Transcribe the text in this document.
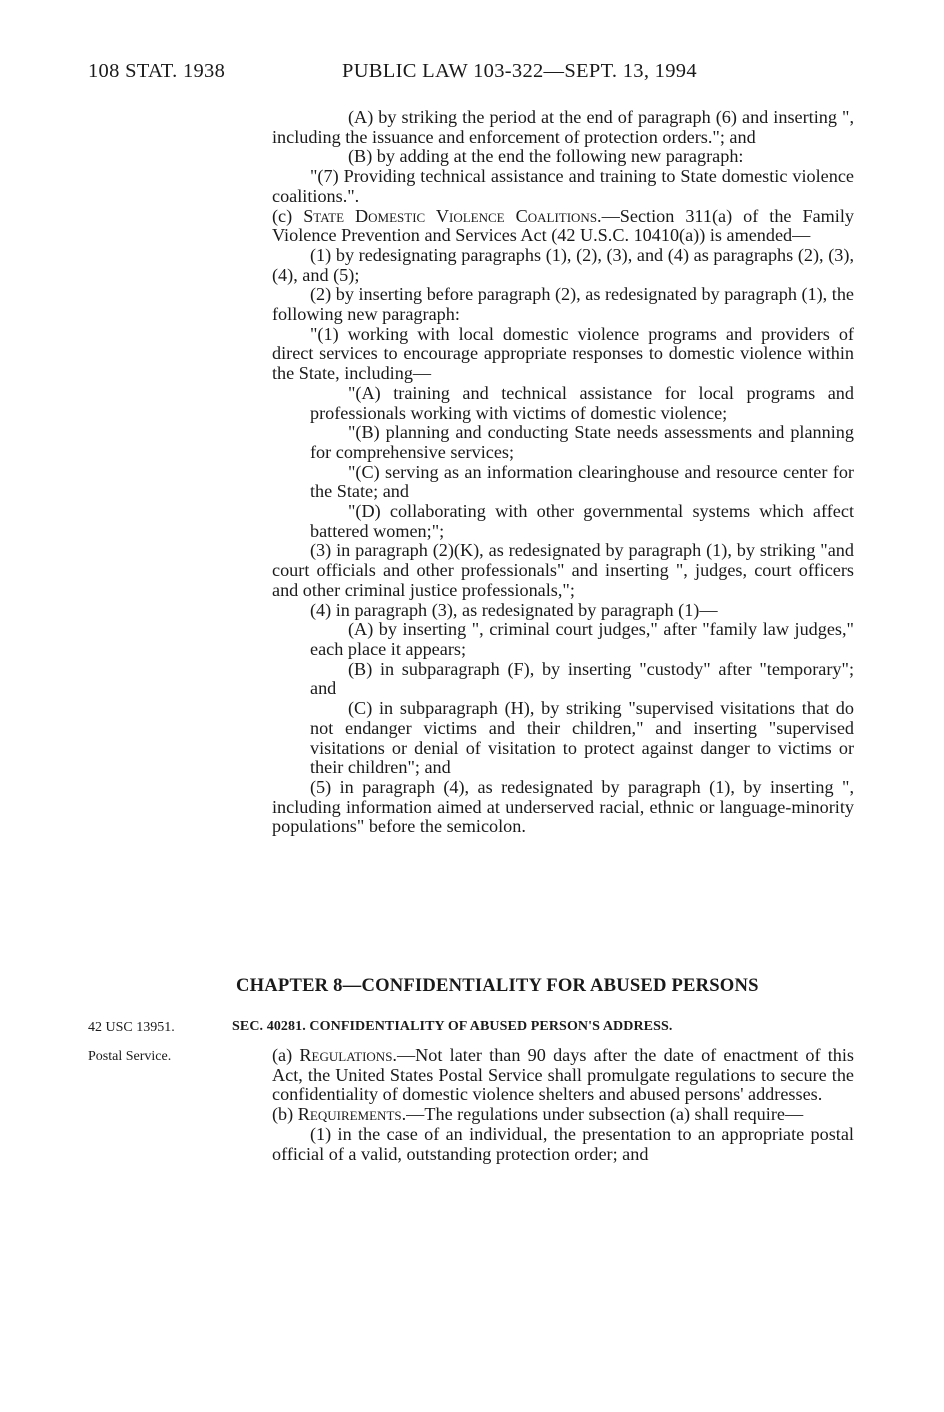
108 STAT. 1938	PUBLIC LAW 103-322—SEPT. 13, 1994

(A) by striking the period at the end of paragraph (6) and inserting ", including the issuance and enforcement of protection orders."; and

(B) by adding at the end the following new paragraph:

"(7) Providing technical assistance and training to State domestic violence coalitions.".

(c) State Domestic Violence Coalitions.—Section 311(a) of the Family Violence Prevention and Services Act (42 U.S.C. 10410(a)) is amended—

(1) by redesignating paragraphs (1), (2), (3), and (4) as paragraphs (2), (3), (4), and (5);

(2) by inserting before paragraph (2), as redesignated by paragraph (1), the following new paragraph:

"(1) working with local domestic violence programs and providers of direct services to encourage appropriate responses to domestic violence within the State, including—

"(A) training and technical assistance for local programs and professionals working with victims of domestic violence;

"(B) planning and conducting State needs assessments and planning for comprehensive services;

"(C) serving as an information clearinghouse and resource center for the State; and

"(D) collaborating with other governmental systems which affect battered women;";

(3) in paragraph (2)(K), as redesignated by paragraph (1), by striking "and court officials and other professionals" and inserting ", judges, court officers and other criminal justice professionals,";

(4) in paragraph (3), as redesignated by paragraph (1)—

(A) by inserting ", criminal court judges," after "family law judges," each place it appears;

(B) in subparagraph (F), by inserting "custody" after "temporary"; and

(C) in subparagraph (H), by striking "supervised visitations that do not endanger victims and their children," and inserting "supervised visitations or denial of visitation to protect against danger to victims or their children"; and

(5) in paragraph (4), as redesignated by paragraph (1), by inserting ", including information aimed at underserved racial, ethnic or language-minority populations" before the semicolon.

CHAPTER 8—CONFIDENTIALITY FOR ABUSED PERSONS
42 USC 13951.	SEC. 40281. CONFIDENTIALITY OF ABUSED PERSON'S ADDRESS.
Postal Service.	(a) Regulations.—Not later than 90 days after the date of enactment of this Act, the United States Postal Service shall promulgate regulations to secure the confidentiality of domestic violence shelters and abused persons' addresses.

(b) Requirements.—The regulations under subsection (a) shall require—

(1) in the case of an individual, the presentation to an appropriate postal official of a valid, outstanding protection order; and
